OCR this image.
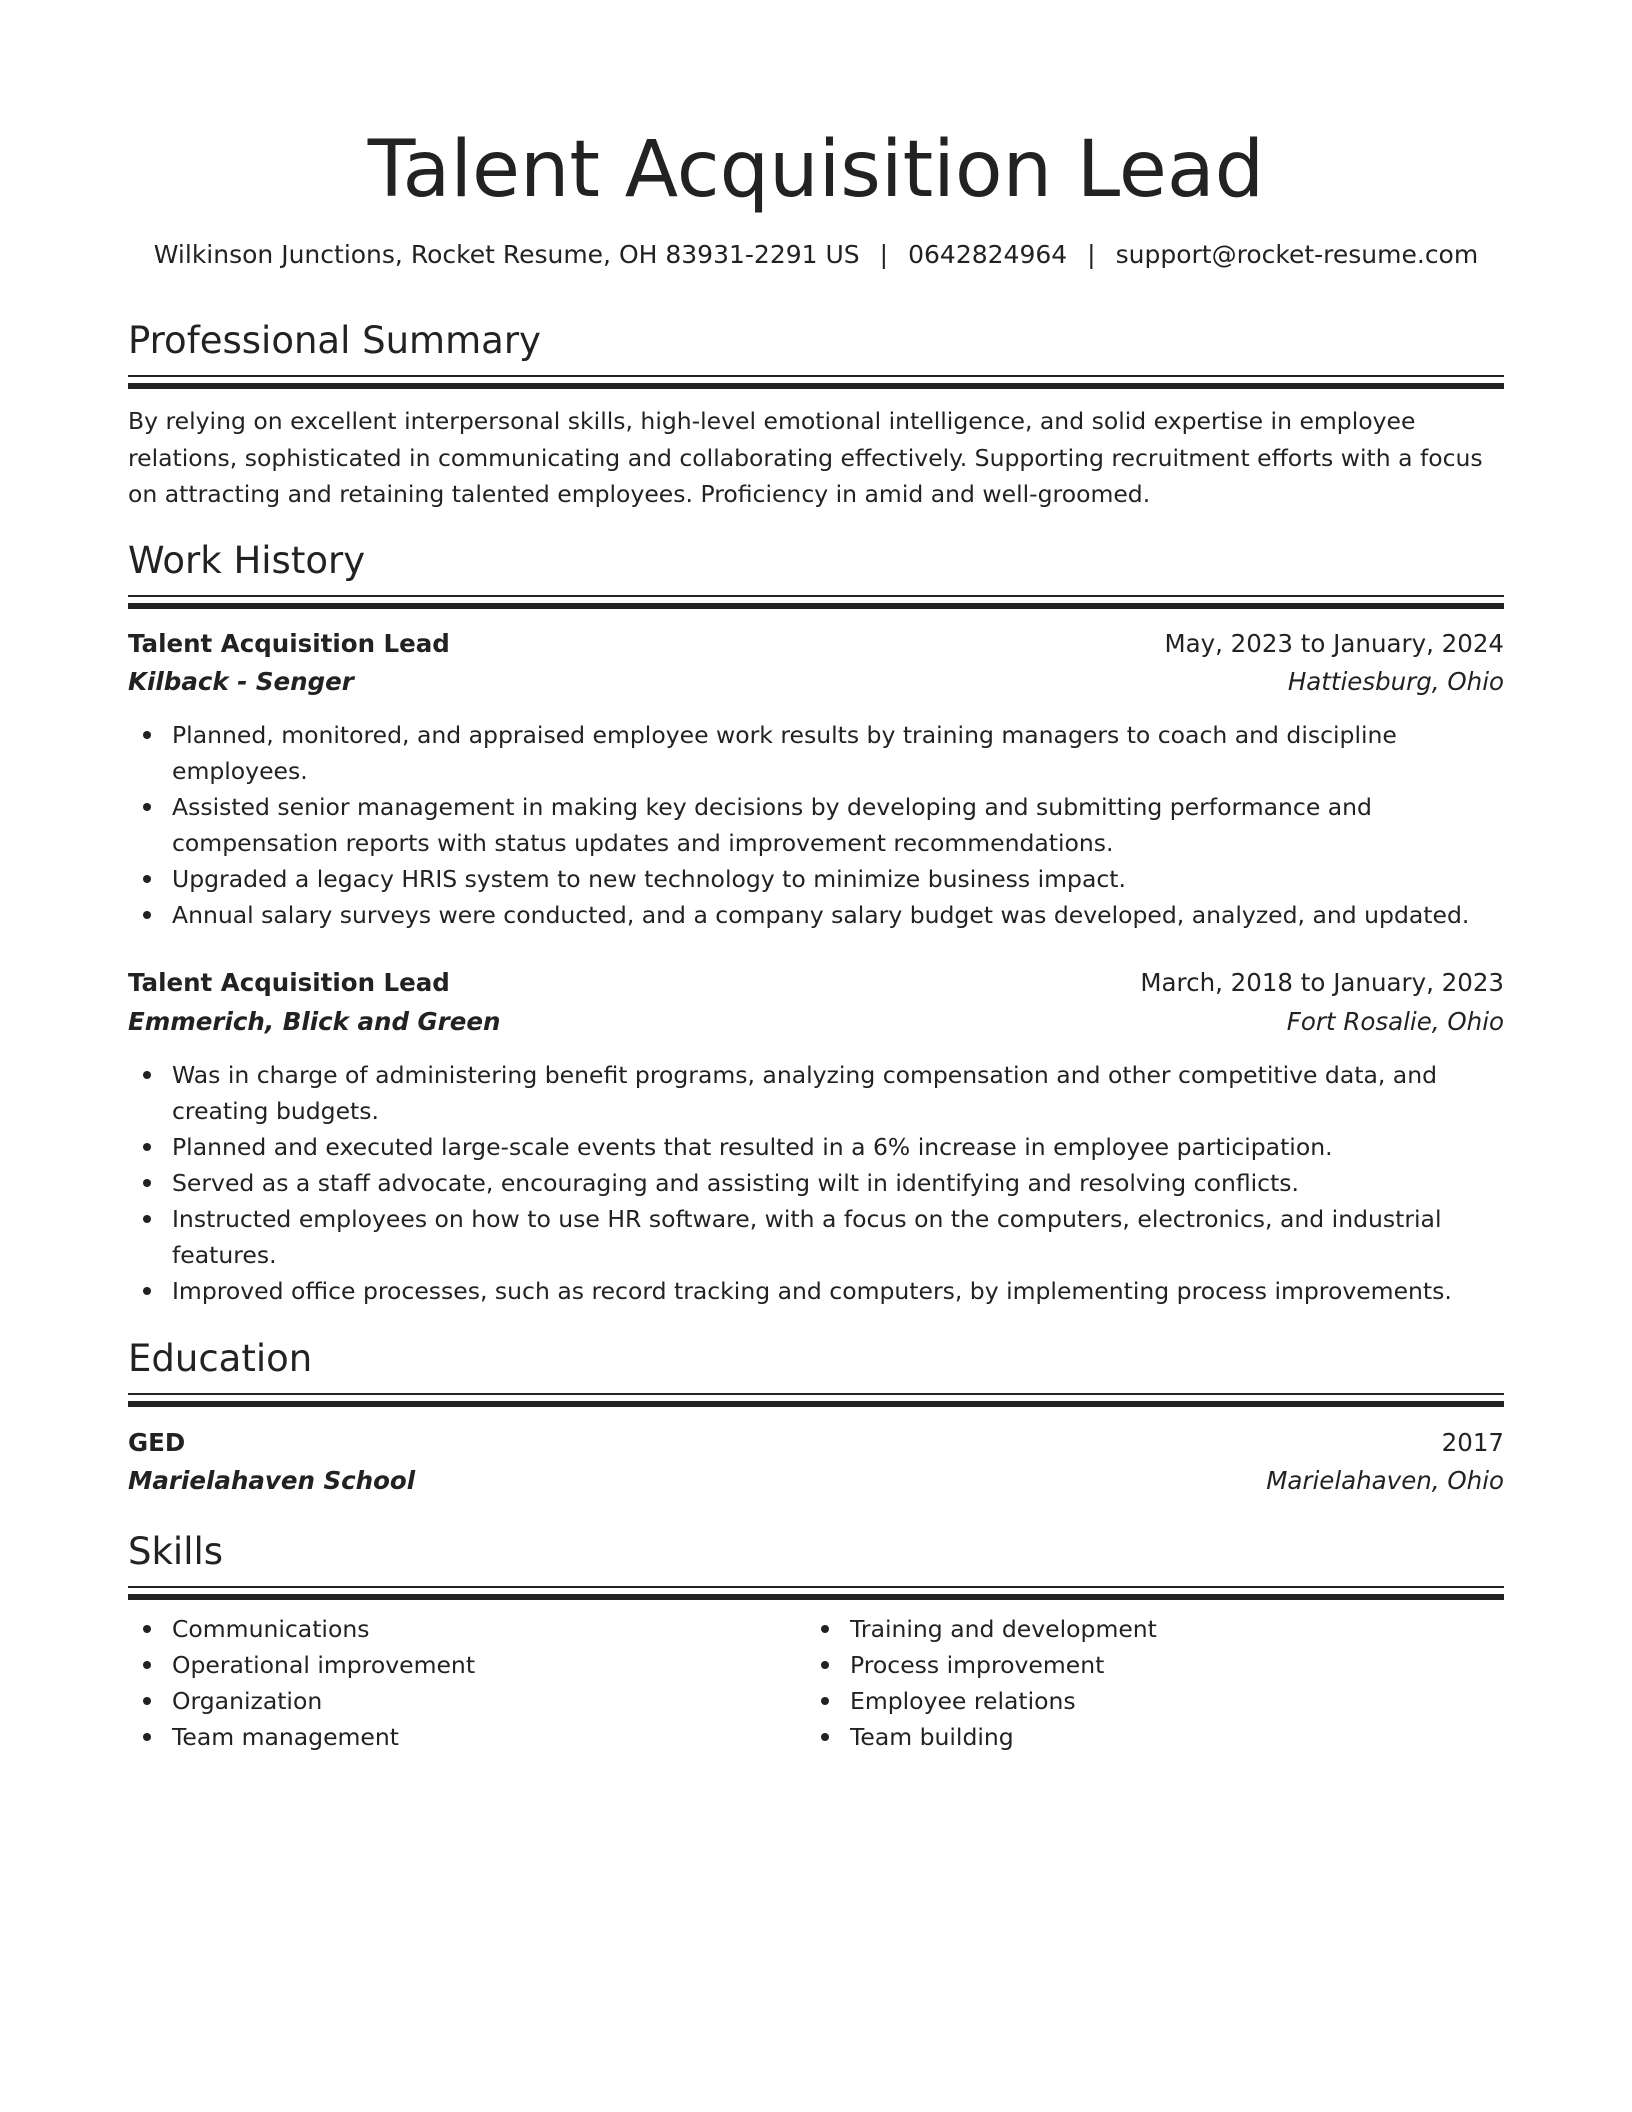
Talent Acquisition Lead
Wilkinson Junctions, Rocket Resume, OH 83931-2291 US | 0642824964 | support@rocket-resume.com
Professional Summary

By relying on excellent interpersonal skills, high-level emotional intelligence, and solid expertise in employee relations, sophisticated in communicating and collaborating effectively. Supporting recruitment efforts with a focus on attracting and retaining talented employees. Proficiency in amid and well-groomed.

Work History
Talent Acquisition Lead	May, 2023 to January, 2024
Kilback - Senger	Hattiesburg, Ohio
Planned, monitored, and appraised employee work results by training managers to coach and discipline employees.
Assisted senior management in making key decisions by developing and submitting performance and compensation reports with status updates and improvement recommendations.
Upgraded a legacy HRIS system to new technology to minimize business impact.
Annual salary surveys were conducted, and a company salary budget was developed, analyzed, and updated.
Talent Acquisition Lead	March, 2018 to January, 2023
Emmerich, Blick and Green	Fort Rosalie, Ohio
Was in charge of administering benefit programs, analyzing compensation and other competitive data, and creating budgets.
Planned and executed large-scale events that resulted in a 6% increase in employee participation.
Served as a staff advocate, encouraging and assisting wilt in identifying and resolving conflicts.
Instructed employees on how to use HR software, with a focus on the computers, electronics, and industrial features.
Improved office processes, such as record tracking and computers, by implementing process improvements.
Education
GED	2017
Marielahaven School	Marielahaven, Ohio
Skills
Communications
Operational improvement
Organization
Team management
Training and development
Process improvement
Employee relations
Team building
